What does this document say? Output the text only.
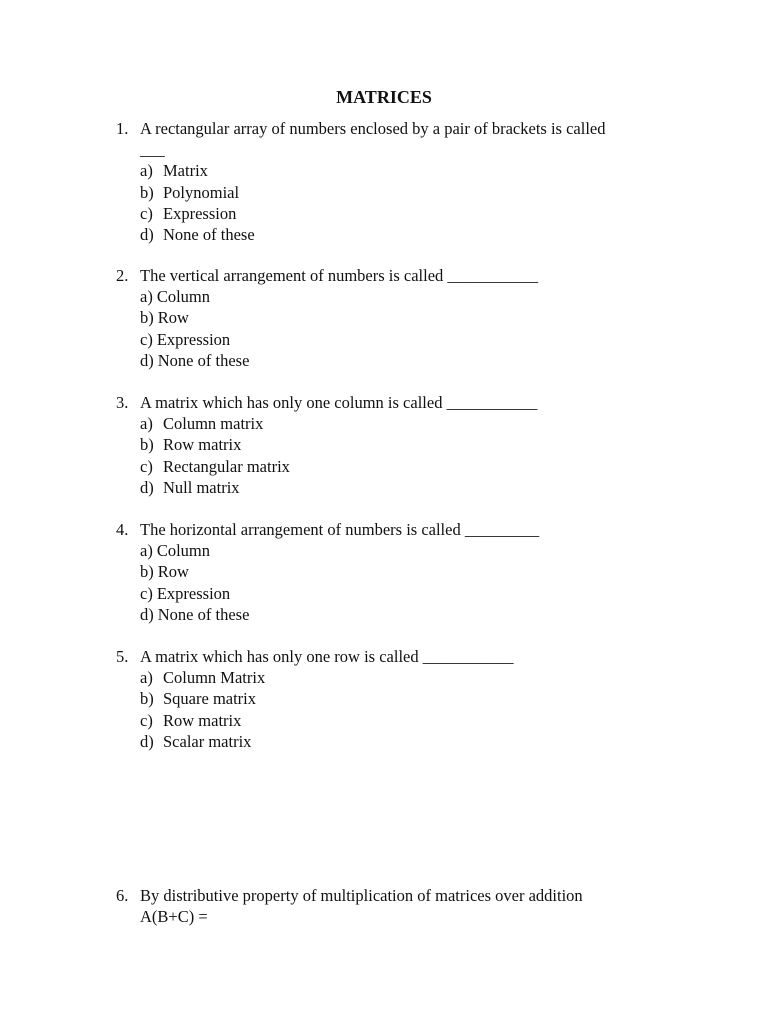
MATRICES
1. A rectangular array of numbers enclosed by a pair of brackets is called
___
a) Matrix
b) Polynomial
c) Expression
d) None of these
2. The vertical arrangement of numbers is called ___________
a) Column
b) Row
c) Expression
d) None of these
3. A matrix which has only one column is called ___________
a) Column matrix
b) Row matrix
c) Rectangular matrix
d) Null matrix
4. The horizontal arrangement of numbers is called _________
a) Column
b) Row
c) Expression
d) None of these
5. A matrix which has only one row is called ___________
a) Column Matrix
b) Square matrix
c) Row matrix
d) Scalar matrix
6. By distributive property of multiplication of matrices over addition
A(B+C) =
